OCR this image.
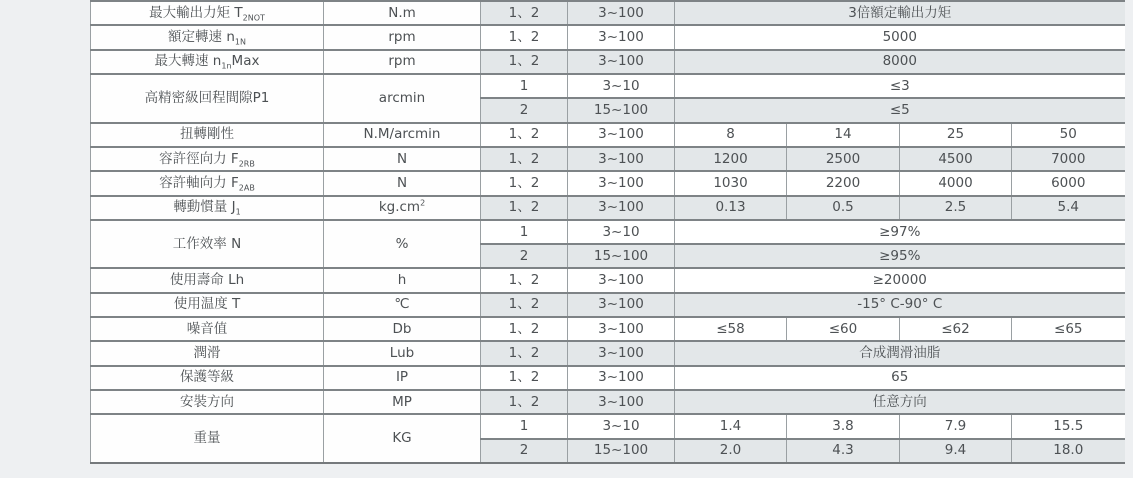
最大輸出力矩 $T_{2NOT}$	N.m	1、2	3~100	3倍額定輸出力矩			
額定轉速 $n_{1N}$	rpm	1、2	3~100	5000			
最大轉速 $n_{1n}Max$	rpm	1、2	3~100	8000			
高精密級回程間隙P1	arcmin	1	3~10	≤3			
		2	15~100	≤5			
扭轉剛性	N.M/arcmin	1、2	3~100	8	14	25	50
容許徑向力 $F_{2RB}$	N	1、2	3~100	1200	2500	4500	7000
容許軸向力 $F_{2AB}$	N	1、2	3~100	1030	2200	4000	6000
轉動慣量 $J_1$	$kg.cm^2$	1、2	3~100	0.13	0.5	2.5	5.4
工作效率 N	%	1	3~10	≥97%			
		2	15~100	≥95%			
使用壽命 Lh	h	1、2	3~100	≥20000			
使用温度 T	℃	1、2	3~100	-15° C-90° C			
噪音值	Db	1、2	3~100	≤58	≤60	≤62	≤65
潤滑	Lub	1、2	3~100	合成潤滑油脂			
保護等級	IP	1、2	3~100	65			
安裝方向	MP	1、2	3~100	任意方向			
重量	KG	1	3~10	1.4	3.8	7.9	15.5
		2	15~100	2.0	4.3	9.4	18.0
